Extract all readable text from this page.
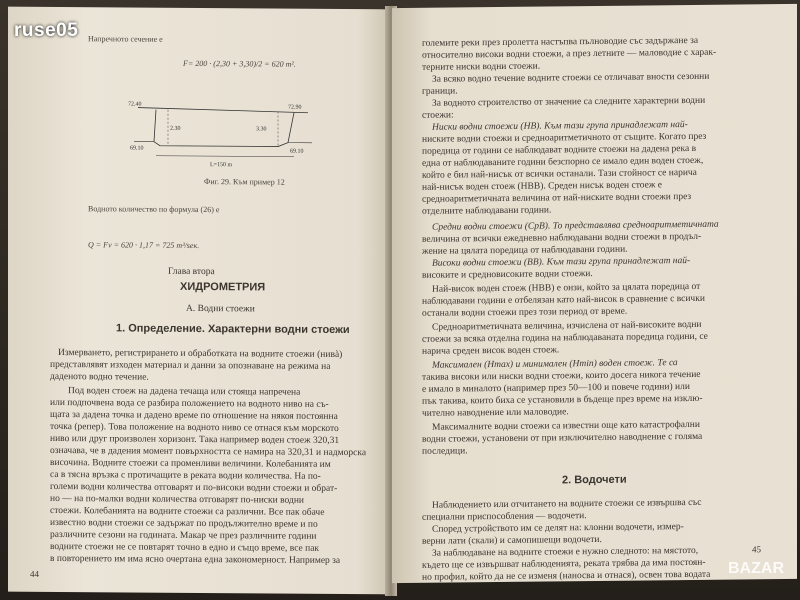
Напречното сечение е
F= 200 · (2,30 + 3,30)/2 = 620 m².
Фиг. 29. Към пример 12
Водното количество по формула (26) е
Q = Fv = 620 · 1,17 = 725 m³/sек.
Глава втора
ХИДРОМЕТРИЯ
А. Водни стоежи
1. Определение. Характерни водни стоежи
Измерването, регистрирането и обработката на водните стоежи (нивà)
представлявят изходен материал и данни за опознаване на режима на
даденото водно течение.
Под воден стоеж на дадена течаща или стояща напречена
или подпочвена вода се разбира положението на водното ниво на съ-
щата за дадена точка и дадено време по отношение на някоя постоянна
точка (репер). Това положение на водното ниво се отнася към морското
ниво или друг произволен хоризонт. Така например воден стоеж 320,31
означава, че в дадения момент повърхността се намира на 320,31 и надморска
височина. Водните стоежи са променливи величини. Колебанията им
са в тясна връзка с протичащите в реката водни количества. На по-
големи водни количества отговарят и по-високи водни стоежи и обрат-
но — на по-малки водни количества отговарят по-ниски водни
стоежи. Колебанията на водните стоежи са различни. Все пак обаче
известно водни стоежи се задържат по продължително време и по
различните сезони на годината. Макар че през различните години
водните стоежи не се повтарят точно в едно и също време, все пак
в повторението им има ясно очертана една закономерност. Например за
72.40
72.90
69.10
69.10
2.30	3.30
L=150 m
44
големите реки през пролетта настъпва пълноводие със задържане за
относително високи водни стоежи, а през летните — маловодие с харак-
терните ниски водни стоежи.
За всяко водно течение водните стоежи се отличават вности сезонни
граници.
За водното строителство от значение са следните характерни водни
стоежи:
Ниски водни стоежи (НВ). Към тази група принадлежат най-
ниските водни стоежи и средноаритметичното от същите. Когато през
поредица от години се наблюдават водните стоежи на дадена река в
една от наблюдаваните години безспорно се имало един воден стоеж,
който е бил най-нисък от всички останали. Тази стойност се нарича
най-нисък воден стоеж (НВВ). Среден нисък воден стоеж е
средноаритметичната величина от най-ниските водни стоежи през
отделните наблюдавани години.
Средни водни стоежи (СрВ). То представлява средноаритметичната
величина от всички ежедневно наблюдавани водни стоежи в продъл-
жение на цялата поредица от наблюдавани години.
Високи водни стоежи (ВВ). Към тази група принадлежат най-
високите и средновисоките водни стоежи.
Най-висок воден стоеж (НВВ) е онзи, който за цялата поредица от
наблюдавани години е отбелязан като най-висок в сравнение с всички
останали водни стоежи през този период от време.
Средноаритметичната величина, изчислена от най-високите водни
стоежи за всяка отделна година на наблюдаваната поредица години, се
нарича среден висок воден стоеж.
Максимален (Hmax) и минимален (Hmin) воден стоеж. Те са
такива високи или ниски водни стоежи, които досега никога течение
е имало в миналото (например през 50—100 и повече години) или
пък такива, които биха се установили в бъдеще през време на изклю-
чително наводнение или маловодие.
Максималните водни стоежи са известни още като катастрофални
водни стоежи, установени от при изключително наводнение с голяма
последици.
2. Водочети
Наблюдението или отчитането на водните стоежи се извършва със
специални приспособления — водочети.
Според устройството им се делят на: клонни водочети, измер-
верни лати (скали) и самопишещи водочети.
За наблюдаване на водните стоежи е нужно следното: на мястото,
където ще се извършват наблюденията, реката трябва да има постоян-
но профил, който да не се изменя (наносва и отнася), освен това водата
45
ruse05
BAZAR
